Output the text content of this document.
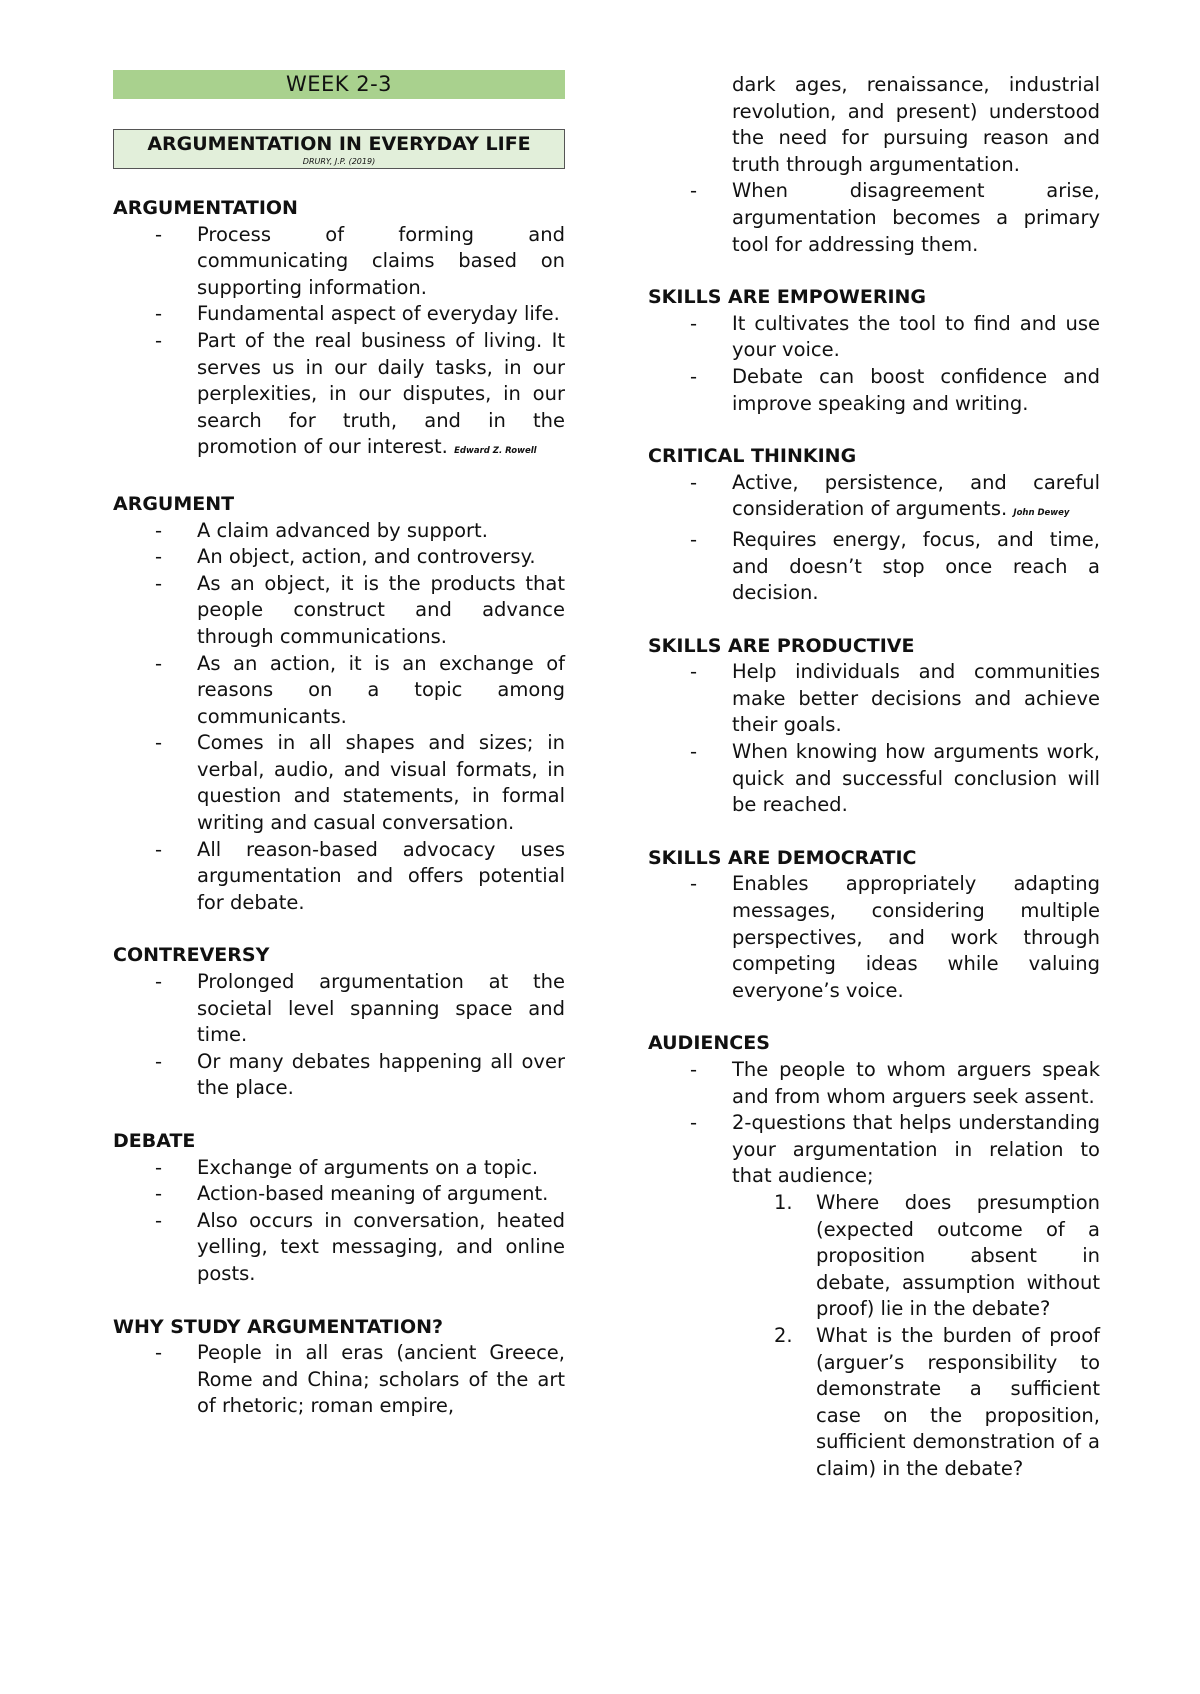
WEEK 2-3
ARGUMENTATION IN EVERYDAY LIFE
DRURY, J.P. (2019)
ARGUMENTATION
- Process of forming and communicating claims based on supporting information.
- Fundamental aspect of everyday life.
- Part of the real business of living. It serves us in our daily tasks, in our perplexities, in our disputes, in our search for truth, and in the promotion of our interest. Edward Z. Rowell
ARGUMENT
- A claim advanced by support.
- An object, action, and controversy.
- As an object, it is the products that people construct and advance through communications.
- As an action, it is an exchange of reasons on a topic among communicants.
- Comes in all shapes and sizes; in verbal, audio, and visual formats, in question and statements, in formal writing and casual conversation.
- All reason-based advocacy uses argumentation and offers potential for debate.
CONTREVERSY
- Prolonged argumentation at the societal level spanning space and time.
- Or many debates happening all over the place.
DEBATE
- Exchange of arguments on a topic.
- Action-based meaning of argument.
- Also occurs in conversation, heated yelling, text messaging, and online posts.
WHY STUDY ARGUMENTATION?
- People in all eras (ancient Greece, Rome and China; scholars of the art of rhetoric; roman empire,
dark ages, renaissance, industrial revolution, and present) understood the need for pursuing reason and truth through argumentation.
- When disagreement arise, argumentation becomes a primary tool for addressing them.
SKILLS ARE EMPOWERING
- It cultivates the tool to find and use your voice.
- Debate can boost confidence and improve speaking and writing.
CRITICAL THINKING
- Active, persistence, and careful consideration of arguments. John Dewey
- Requires energy, focus, and time, and doesn’t stop once reach a decision.
SKILLS ARE PRODUCTIVE
- Help individuals and communities make better decisions and achieve their goals.
- When knowing how arguments work, quick and successful conclusion will be reached.
SKILLS ARE DEMOCRATIC
- Enables appropriately adapting messages, considering multiple perspectives, and work through competing ideas while valuing everyone’s voice.
AUDIENCES
- The people to whom arguers speak and from whom arguers seek assent.
- 2-questions that helps understanding your argumentation in relation to that audience;
1. Where does presumption (expected outcome of a proposition absent in debate, assumption without proof) lie in the debate?
2. What is the burden of proof (arguer’s responsibility to demonstrate a sufficient case on the proposition, sufficient demonstration of a claim) in the debate?
